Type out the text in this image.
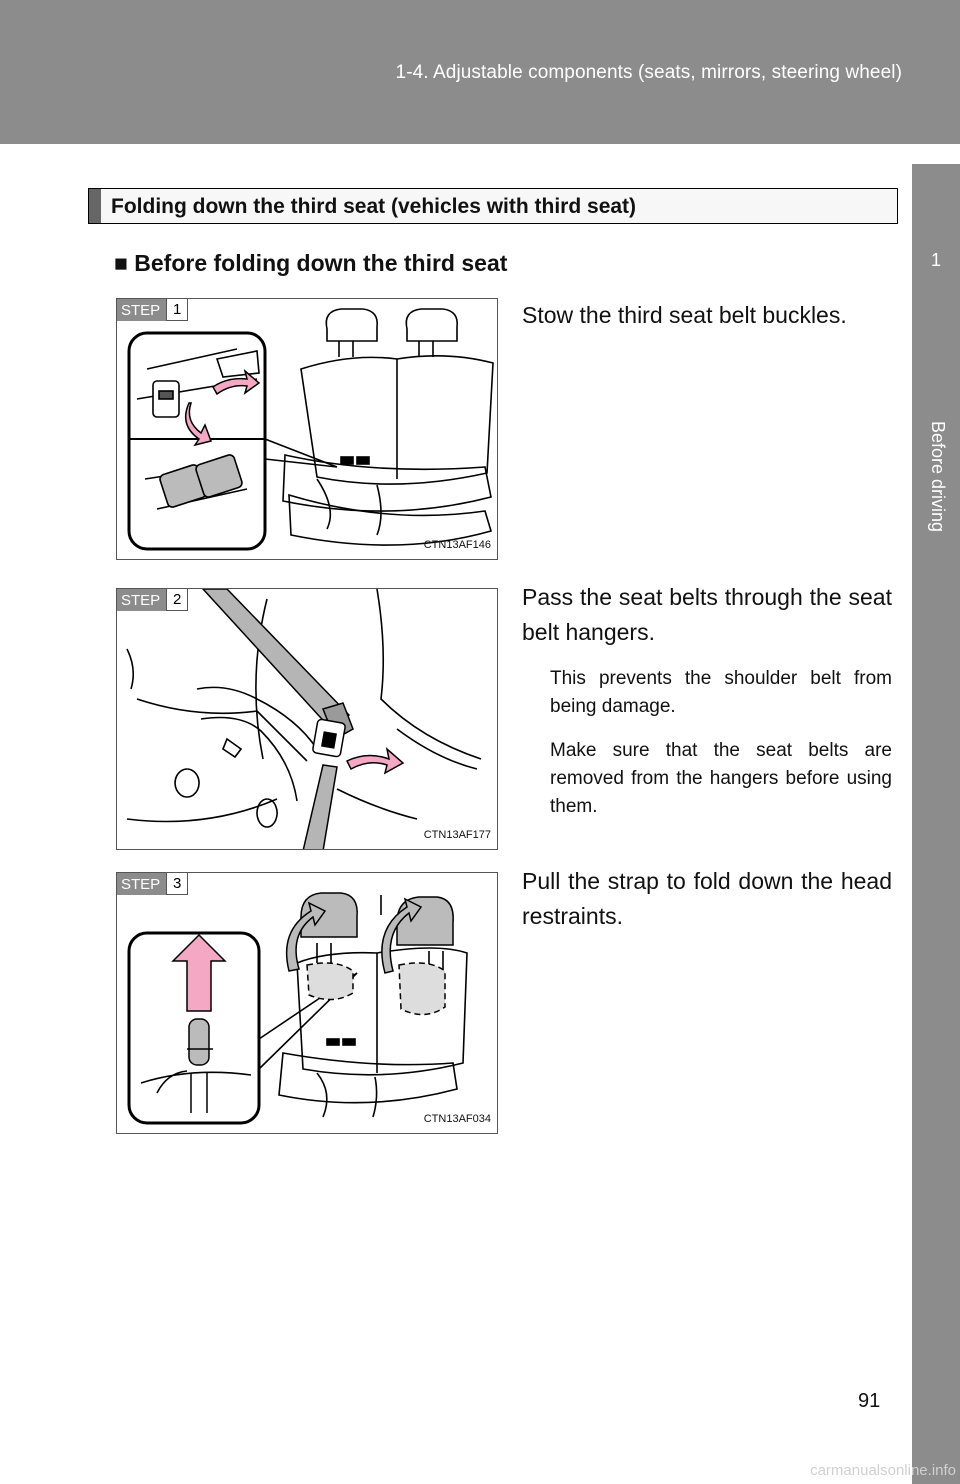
1-4. Adjustable components (seats, mirrors, steering wheel)
1
Before driving
Folding down the third seat (vehicles with third seat)
■ Before folding down the third seat
STEP 1
CTN13AF146
Stow the third seat belt buckles.
STEP 2
CTN13AF177
Pass the seat belts through the seat belt hangers.
This prevents the shoulder belt from being damage.
Make sure that the seat belts are removed from the hangers before using them.
STEP 3
CTN13AF034
Pull the strap to fold down the head restraints.
91
carmanualsonline.info
